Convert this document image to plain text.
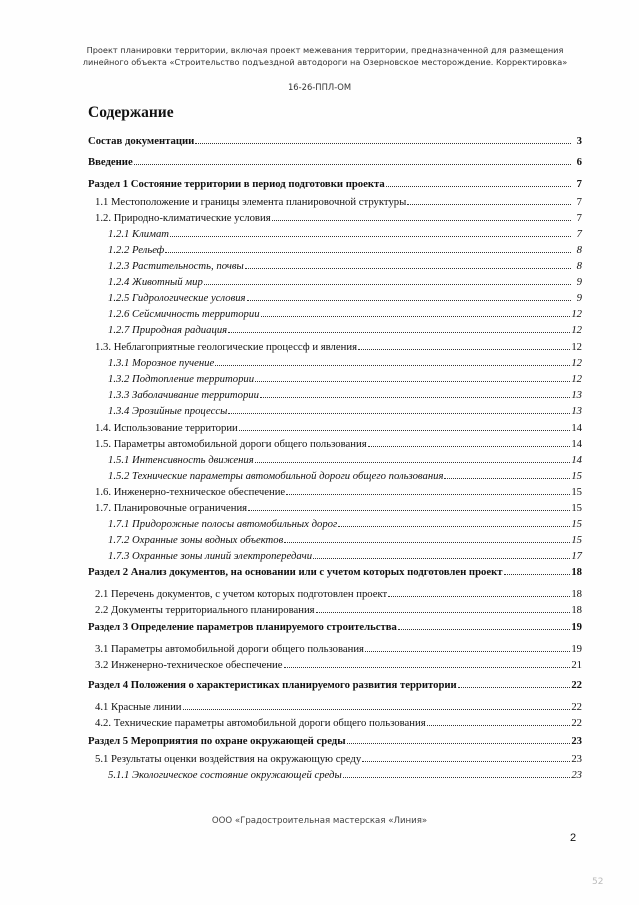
Проект планировки территории, включая проект межевания территории, предназначенной для размещения
линейного объекта «Строительство подъездной автодороги на Озерновское месторождение. Корректировка»
16-26-ППЛ-ОМ
Содержание
Состав документации	3
Введение	6
Раздел 1 Состояние территории в период подготовки проекта	7
1.1 Местоположение и границы элемента планировочной структуры	7
1.2. Природно-климатические условия	7
1.2.1 Климат	7
1.2.2 Рельеф	8
1.2.3 Растительность, почвы	8
1.2.4 Животный мир	9
1.2.5 Гидрологические условия	9
1.2.6 Сейсмичность территории	12
1.2.7 Природная радиация	12
1.3. Неблагоприятные геологические процессф и явления	12
1.3.1 Морозное пучение	12
1.3.2 Подтопление территории	12
1.3.3 Заболачивание территории	13
1.3.4 Эрозийные процессы	13
1.4. Использование территории	14
1.5. Параметры автомобильной дороги общего пользования	14
1.5.1 Интенсивность движения	14
1.5.2 Технические параметры автомобильной дороги общего пользования	15
1.6. Инженерно-техническое обеспечение	15
1.7. Планировочные ограничения	15
1.7.1 Придорожные полосы автомобильных дорог	15
1.7.2 Охранные зоны водных объектов	15
1.7.3 Охранные зоны линий электропередачи	17
Раздел 2 Анализ документов, на основании или с учетом которых подготовлен проект	18
2.1 Перечень документов, с учетом которых подготовлен проект	18
2.2 Документы территориального планирования	18
Раздел 3 Определение параметров планируемого строительства	19
3.1 Параметры автомобильной дороги общего пользования	19
3.2 Инженерно-техническое обеспечение	21
Раздел 4 Положения о характеристиках планируемого развития территории	22
4.1 Красные линии	22
4.2. Технические параметры автомобильной дороги общего пользования	22
Раздел 5 Мероприятия по охране окружающей среды	23
5.1 Результаты оценки воздействия на окружающую среду	23
5.1.1 Экологическое состояние окружающей среды	23
ООО «Градостроительная мастерская «Линия»
2
52
